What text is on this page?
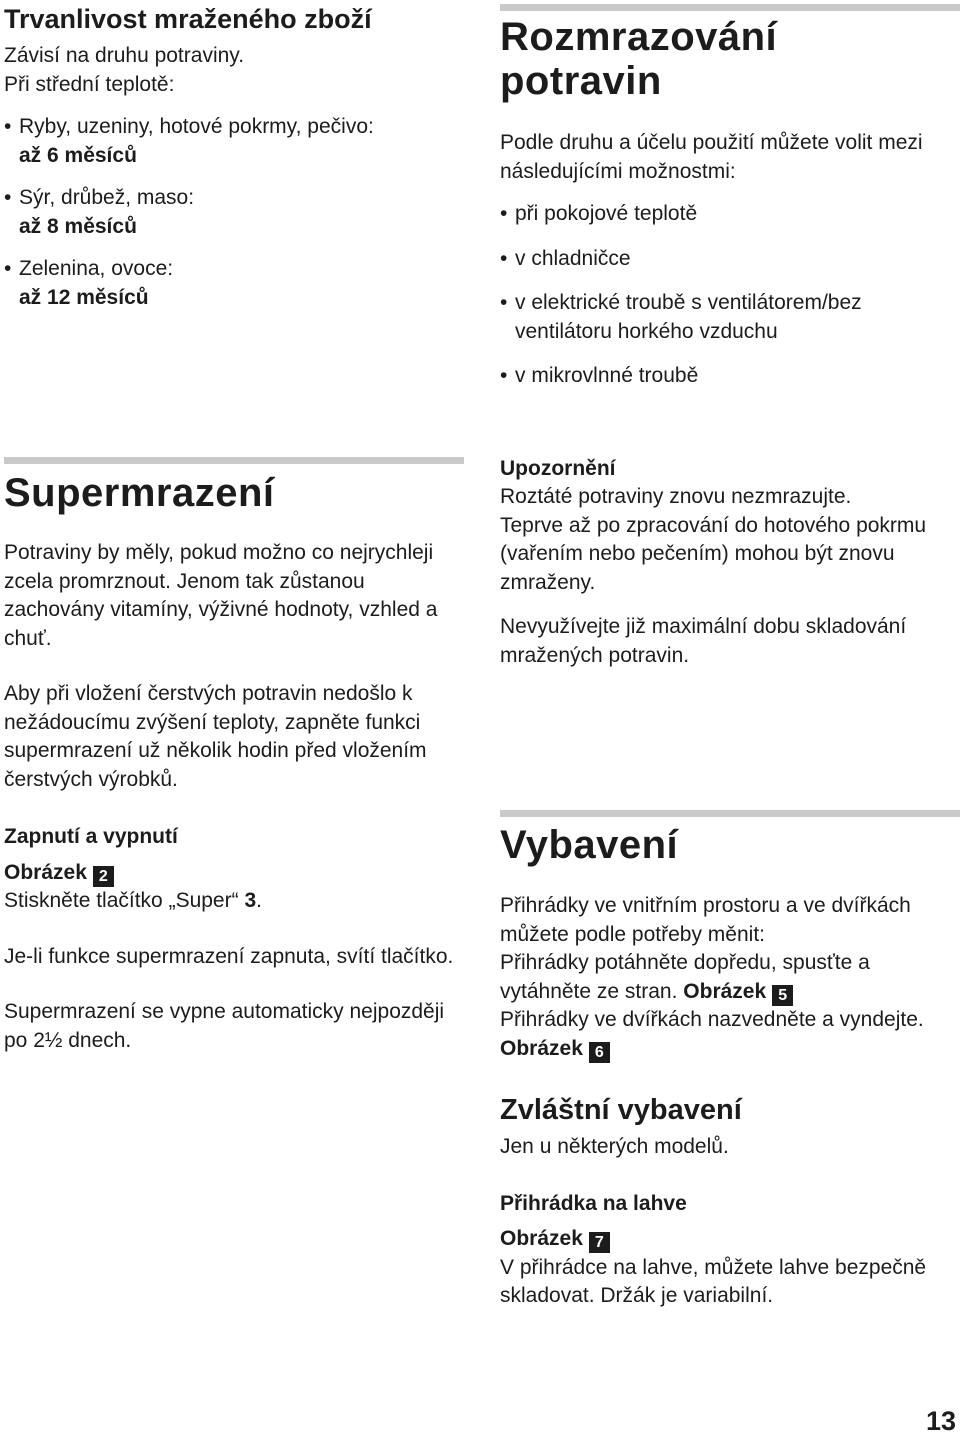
Trvanlivost mraženého zboží

Závisí na druhu potraviny.

Při střední teplotě:

• Ryby, uzeniny, hotové pokrmy, pečivo:
až 6 měsíců
• Sýr, drůbež, maso:
až 8 měsíců
• Zelenina, ovoce:
až 12 měsíců
Supermrazení

Potraviny by měly, pokud možno co nejrychleji zcela promrznout. Jenom tak zůstanou zachovány vitamíny, výživné hodnoty, vzhled a chuť.

Aby při vložení čerstvých potravin nedošlo k nežádoucímu zvýšení teploty, zapněte funkci supermrazení už několik hodin před vložením čerstvých výrobků.

Zapnutí a vypnutí

Obrázek 2

Stiskněte tlačítko „Super“ 3.

Je-li funkce supermrazení zapnuta, svítí tlačítko.

Supermrazení se vypne automaticky nejpozději po 2½ dnech.

Rozmrazování
potravin

Podle druhu a účelu použití můžete volit mezi následujícími možnostmi:

• při pokojové teplotě
• v chladničce
• v elektrické troubě s ventilátorem/bez ventilátoru horkého vzduchu
• v mikrovlnné troubě

Upozornění

Roztáté potraviny znovu nezmrazujte.

Teprve až po zpracování do hotového pokrmu (vařením nebo pečením) mohou být znovu zmraženy.

Nevyužívejte již maximální dobu skladování mražených potravin.

Vybavení

Přihrádky ve vnitřním prostoru a ve dvířkách můžete podle potřeby měnit:

Přihrádky potáhněte dopředu, spusťte a vytáhněte ze stran. Obrázek 5

Přihrádky ve dvířkách nazvedněte a vyndejte. Obrázek 6

Zvláštní vybavení

Jen u některých modelů.

Přihrádka na lahve

Obrázek 7

V přihrádce na lahve, můžete lahve bezpečně skladovat. Držák je variabilní.

13
